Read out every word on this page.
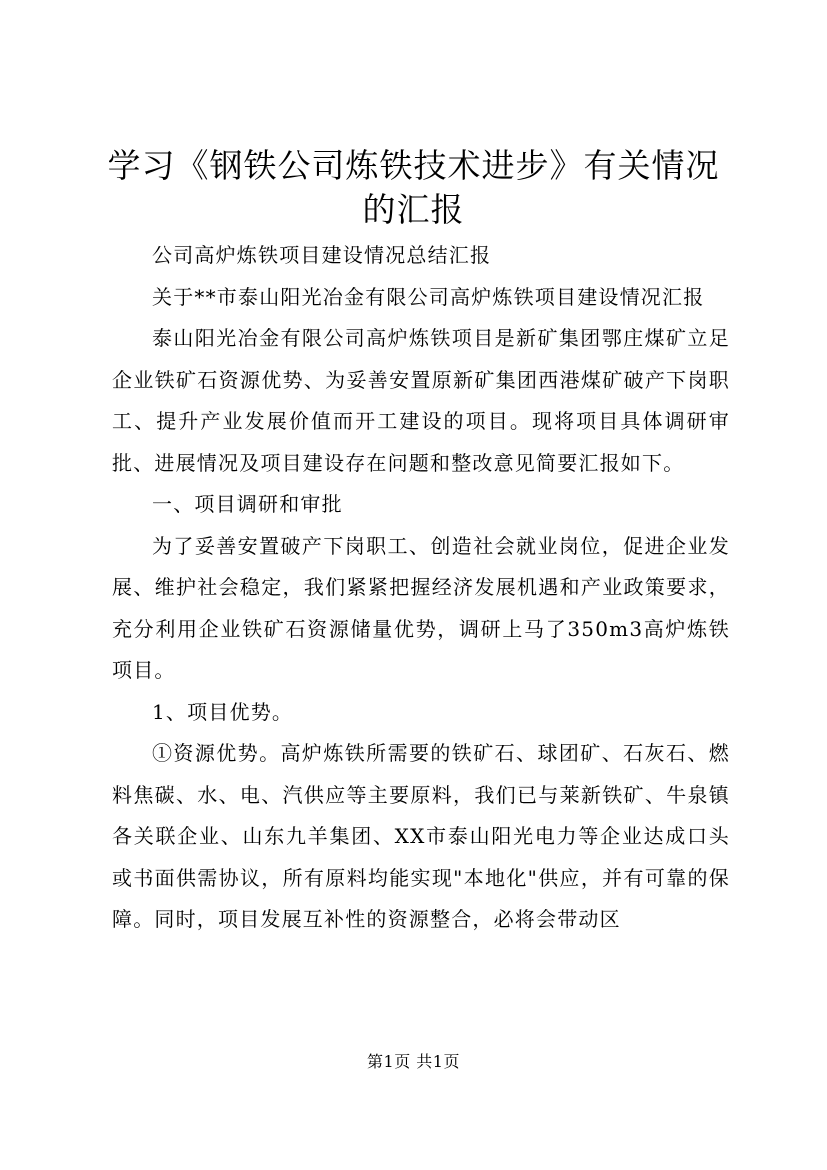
学习《钢铁公司炼铁技术进步》有关情况的汇报

公司高炉炼铁项目建设情况总结汇报

关于**市泰山阳光冶金有限公司高炉炼铁项目建设情况汇报

泰山阳光冶金有限公司高炉炼铁项目是新矿集团鄂庄煤矿立足企业铁矿石资源优势、为妥善安置原新矿集团西港煤矿破产下岗职工、提升产业发展价值而开工建设的项目。现将项目具体调研审批、进展情况及项目建设存在问题和整改意见简要汇报如下。

一、项目调研和审批

为了妥善安置破产下岗职工、创造社会就业岗位，促进企业发展、维护社会稳定，我们紧紧把握经济发展机遇和产业政策要求，充分利用企业铁矿石资源储量优势，调研上马了350m3高炉炼铁项目。

1、项目优势。

①资源优势。高炉炼铁所需要的铁矿石、球团矿、石灰石、燃料焦碳、水、电、汽供应等主要原料，我们已与莱新铁矿、牛泉镇各关联企业、山东九羊集团、XX市泰山阳光电力等企业达成口头或书面供需协议，所有原料均能实现"本地化"供应，并有可靠的保障。同时，项目发展互补性的资源整合，必将会带动区

第1页 共1页
